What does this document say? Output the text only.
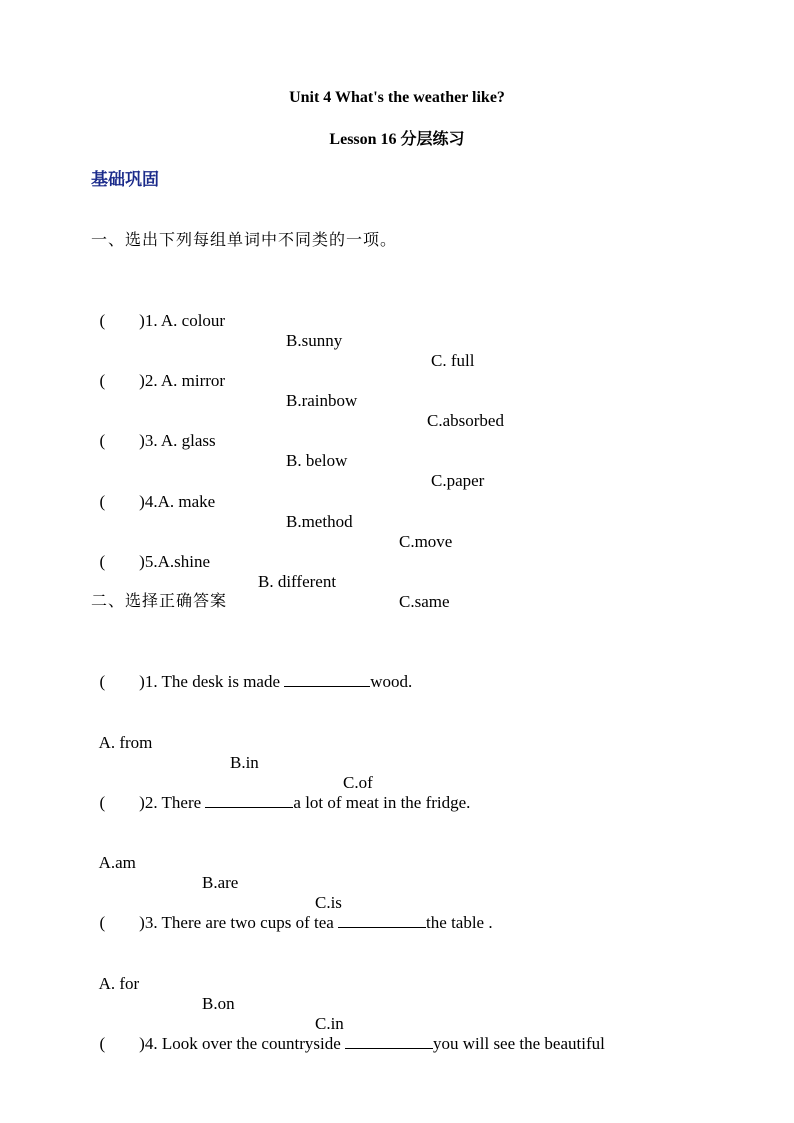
Unit 4 What's the weather like?
Lesson 16 分层练习
基础巩固
一、选出下列每组单词中不同类的一项。

(        )1. A. colour

B.sunny

C. full

(        )2. A. mirror

B.rainbow

C.absorbed

(        )3. A. glass

B. below

C.paper

(        )4.A. make

B.method

C.move

(        )5.A.shine

B. different

C.same

二、选择正确答案

(        )1. The desk is made	wood.

A. from

B.in

C.of

(        )2. There	a lot of meat in the fridge.

A.am

B.are

C.is

(        )3. There are two cups of tea	the table .

A. for

B.on

C.in

(        )4. Look over the countryside	you will see the beautiful
